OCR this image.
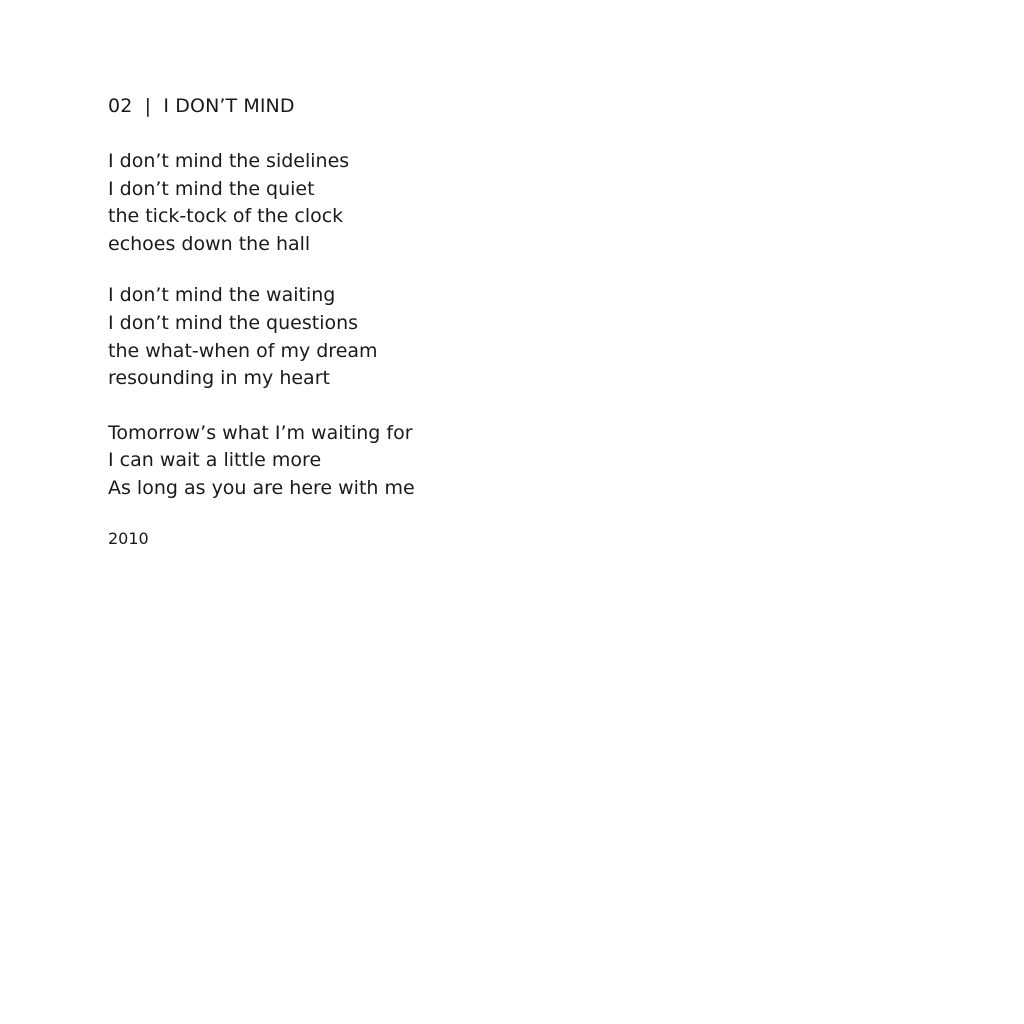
02  |  I DON’T MIND
I don’t mind the sidelines
I don’t mind the quiet
the tick-tock of the clock
echoes down the hall
I don’t mind the waiting
I don’t mind the questions
the what-when of my dream
resounding in my heart
Tomorrow’s what I’m waiting for
I can wait a little more
As long as you are here with me
2010
